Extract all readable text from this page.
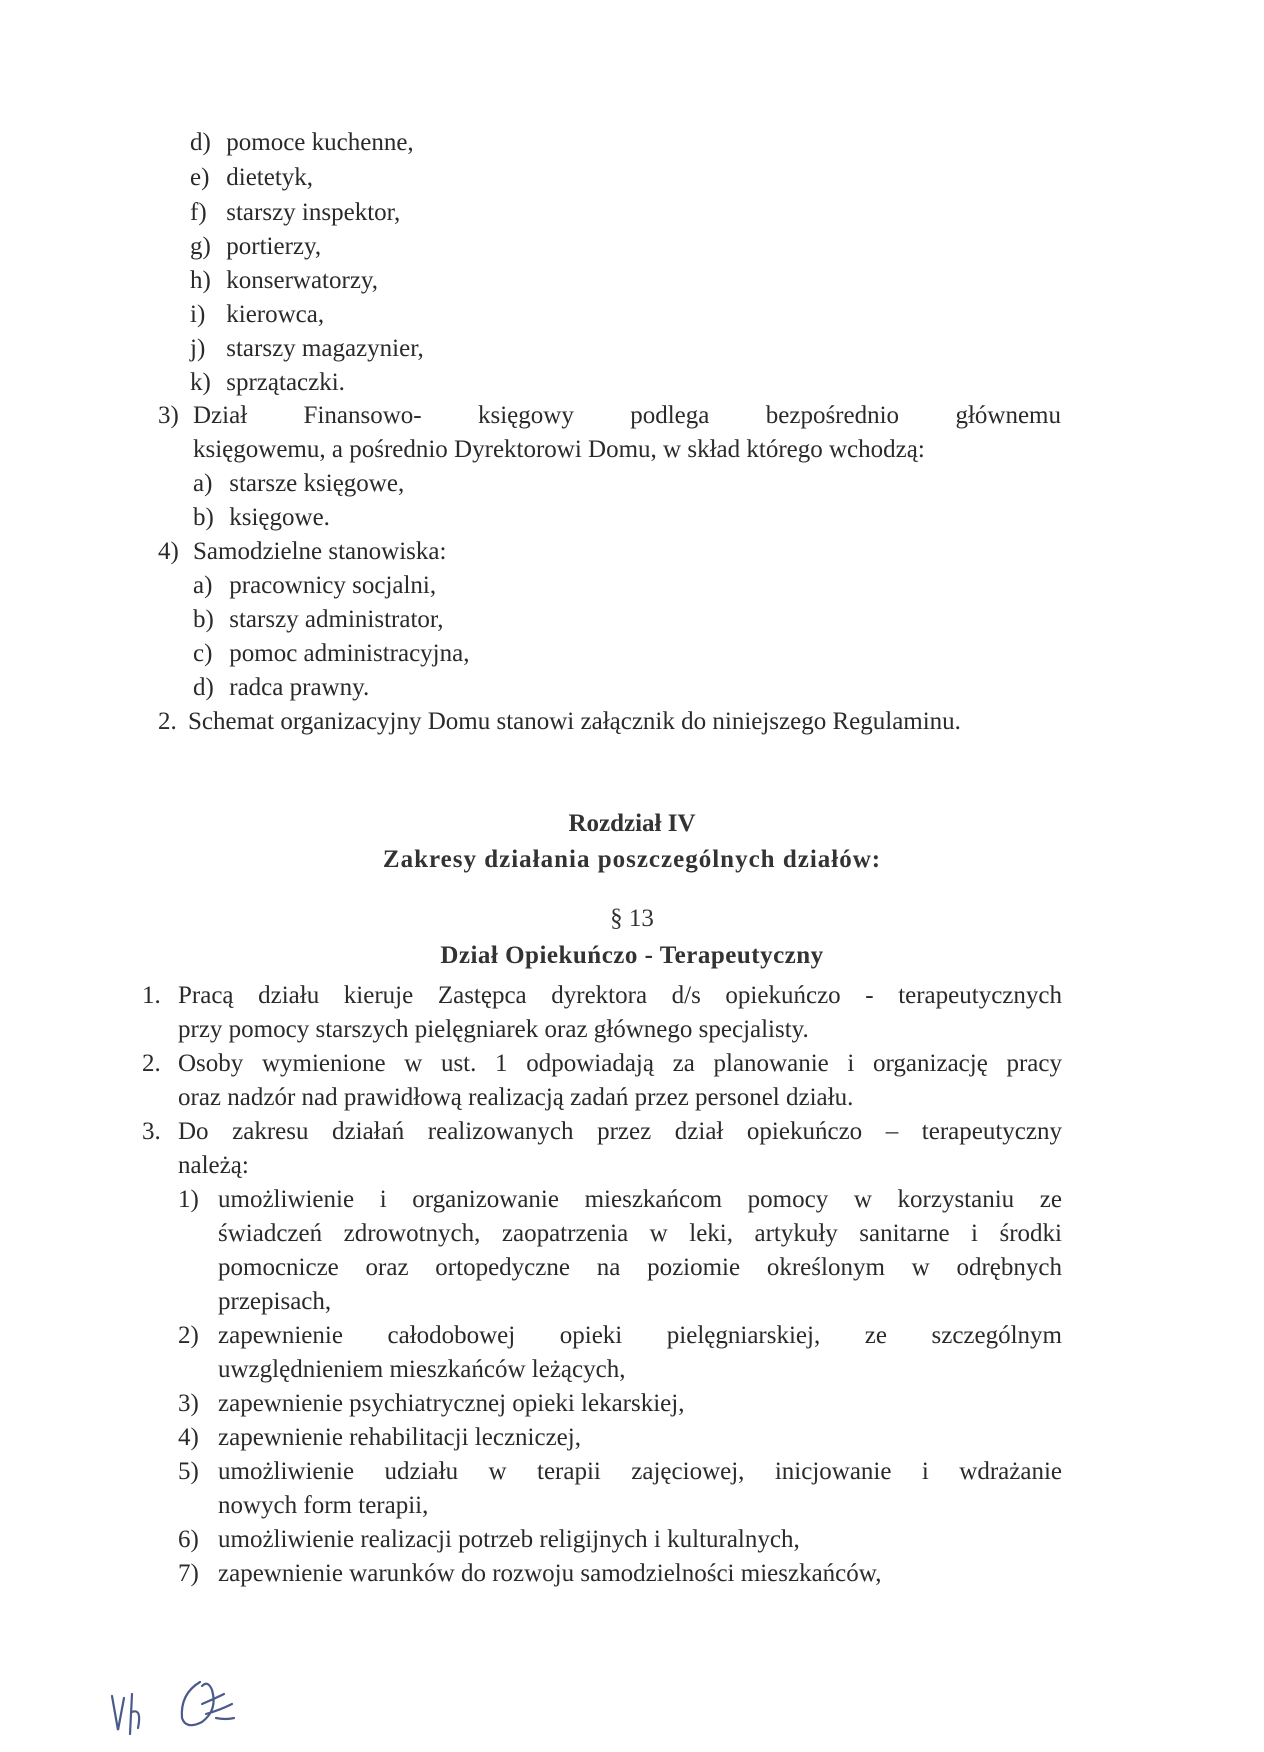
d) pomoce kuchenne,
e) dietetyk,
f) starszy inspektor,
g) portierzy,
h) konserwatorzy,
i) kierowca,
j) starszy magazynier,
k) sprzątaczki.
3) Dział Finansowo- księgowy podlega bezpośrednio głównemu
księgowemu, a pośrednio Dyrektorowi Domu, w skład którego wchodzą:
a) starsze księgowe,
b) księgowe.
4) Samodzielne stanowiska:
a) pracownicy socjalni,
b) starszy administrator,
c) pomoc administracyjna,
d) radca prawny.
2. Schemat organizacyjny Domu stanowi załącznik do niniejszego Regulaminu.
Rozdział IV
Zakresy działania poszczególnych działów:
§ 13
Dział Opiekuńczo - Terapeutyczny
1. Pracą działu kieruje Zastępca dyrektora d/s opiekuńczo - terapeutycznych
przy pomocy starszych pielęgniarek oraz głównego specjalisty.
2. Osoby wymienione w ust. 1 odpowiadają za planowanie i organizację pracy
oraz nadzór nad prawidłową realizacją zadań przez personel działu.
3. Do zakresu działań realizowanych przez dział opiekuńczo – terapeutyczny
należą:
1) umożliwienie i organizowanie mieszkańcom pomocy w korzystaniu ze
świadczeń zdrowotnych, zaopatrzenia w leki, artykuły sanitarne i środki
pomocnicze oraz ortopedyczne na poziomie określonym w odrębnych
przepisach,
2) zapewnienie całodobowej opieki pielęgniarskiej, ze szczególnym
uwzględnieniem mieszkańców leżących,
3) zapewnienie psychiatrycznej opieki lekarskiej,
4) zapewnienie rehabilitacji leczniczej,
5) umożliwienie udziału w terapii zajęciowej, inicjowanie i wdrażanie
nowych form terapii,
6) umożliwienie realizacji potrzeb religijnych i kulturalnych,
7) zapewnienie warunków do rozwoju samodzielności mieszkańców,
